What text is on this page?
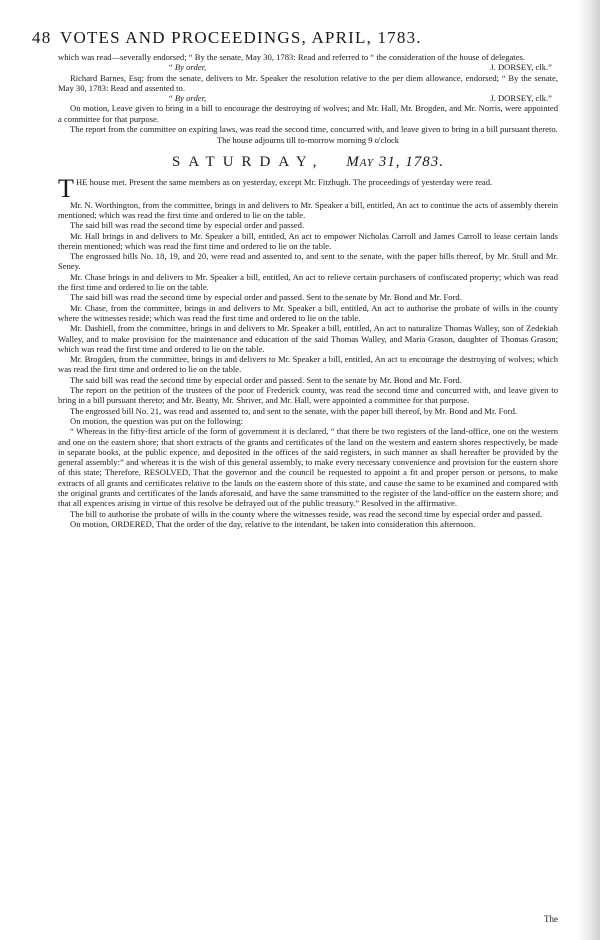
48 VOTES AND PROCEEDINGS, APRIL, 1783.

which was read—severally endorsed; “ By the senate, May 30, 1783: Read and referred to “ the consideration of the house of delegates.

“ By order,	J. DORSEY, clk.”

Richard Barnes, Esq; from the senate, delivers to Mr. Speaker the resolution relative to the per diem allowance, endorsed; “ By the senate, May 30, 1783: Read and assented to.

“ By order,	J. DORSEY, clk.”

On motion, Leave given to bring in a bill to encourage the destroying of wolves; and Mr. Hall, Mr. Brogden, and Mr. Norris, were appointed a committee for that purpose.

The report from the committee on expiring laws, was read the second time, concurred with, and leave given to bring in a bill pursuant thereto.

The house adjourns till to-morrow morning 9 o'clock
SATURDAY, May 31, 1783.
T HE house met. Present the same members as on yesterday, except Mr. Fitzhugh. The proceedings of yesterday were read.

Mr. N. Worthington, from the committee, brings in and delivers to Mr. Speaker a bill, entitled, An act to continue the acts of assembly therein mentioned; which was read the first time and ordered to lie on the table.

The said bill was read the second time by especial order and passed.

Mr. Hall brings in and delivers to Mr. Speaker a bill, entitled, An act to empower Nicholas Carroll and James Carroll to lease certain lands therein mentioned; which was read the first time and ordered to lie on the table.

The engrossed bills No. 18, 19, and 20, were read and assented to, and sent to the senate, with the paper bills thereof, by Mr. Stull and Mr. Seney.

Mr. Chase brings in and delivers to Mr. Speaker a bill, entitled, An act to relieve certain purchasers of confiscated property; which was read the first time and ordered to lie on the table.

The said bill was read the second time by especial order and passed. Sent to the senate by Mr. Bond and Mr. Ford.

Mr. Chase, from the committee, brings in and delivers to Mr. Speaker a bill, entitled, An act to authorise the probate of wills in the county where the witnesses reside; which was read the first time and ordered to lie on the table.

Mr. Dashiell, from the committee, brings in and delivers to Mr. Speaker a bill, entitled, An act to naturalize Thomas Walley, son of Zedekiah Walley, and to make provision for the maintenance and education of the said Thomas Walley, and Maria Grason, daughter of Thomas Grason; which was read the first time and ordered to lie on the table.

Mr. Brogden, from the committee, brings in and delivers to Mr. Speaker a bill, entitled, An act to encourage the destroying of wolves; which was read the first time and ordered to lie on the table.

The said bill was read the second time by especial order and passed. Sent to the senate by Mr. Bond and Mr. Ford.

The report on the petition of the trustees of the poor of Frederick county, was read the second time and concurred with, and leave given to bring in a bill pursuant thereto; and Mr. Beatty, Mr. Shriver, and Mr. Hall, were appointed a committee for that purpose.

The engrossed bill No. 21, was read and assented to, and sent to the senate, with the paper bill thereof, by Mr. Bond and Mr. Ford.

On motion, the question was put on the following:

“ Whereas in the fifty-first article of the form of government it is declared, “ that there be two registers of the land-office, one on the western and one on the eastern shore; that short extracts of the grants and certificates of the land on the western and eastern shores respectively, be made in separate books, at the public expence, and deposited in the offices of the said registers, in such manner as shall hereafter be provided by the general assembly:” and whereas it is the wish of this general assembly, to make every necessary convenience and provision for the eastern shore of this state; Therefore, RESOLVED, That the governor and the council be requested to appoint a fit and proper person or persons, to make extracts of all grants and certificates relative to the lands on the eastern shore of this state, and cause the same to be examined and compared with the original grants and certificates of the lands aforesaid, and have the same transmitted to the register of the land-office on the eastern shore; and that all expences arising in virtue of this resolve be defrayed out of the public treasury.” Resolved in the affirmative.

The bill to authorise the probate of wills in the county where the witnesses reside, was read the second time by especial order and passed.

On motion, ORDERED, That the order of the day, relative to the intendant, be taken into consideration this afternoon.

The
